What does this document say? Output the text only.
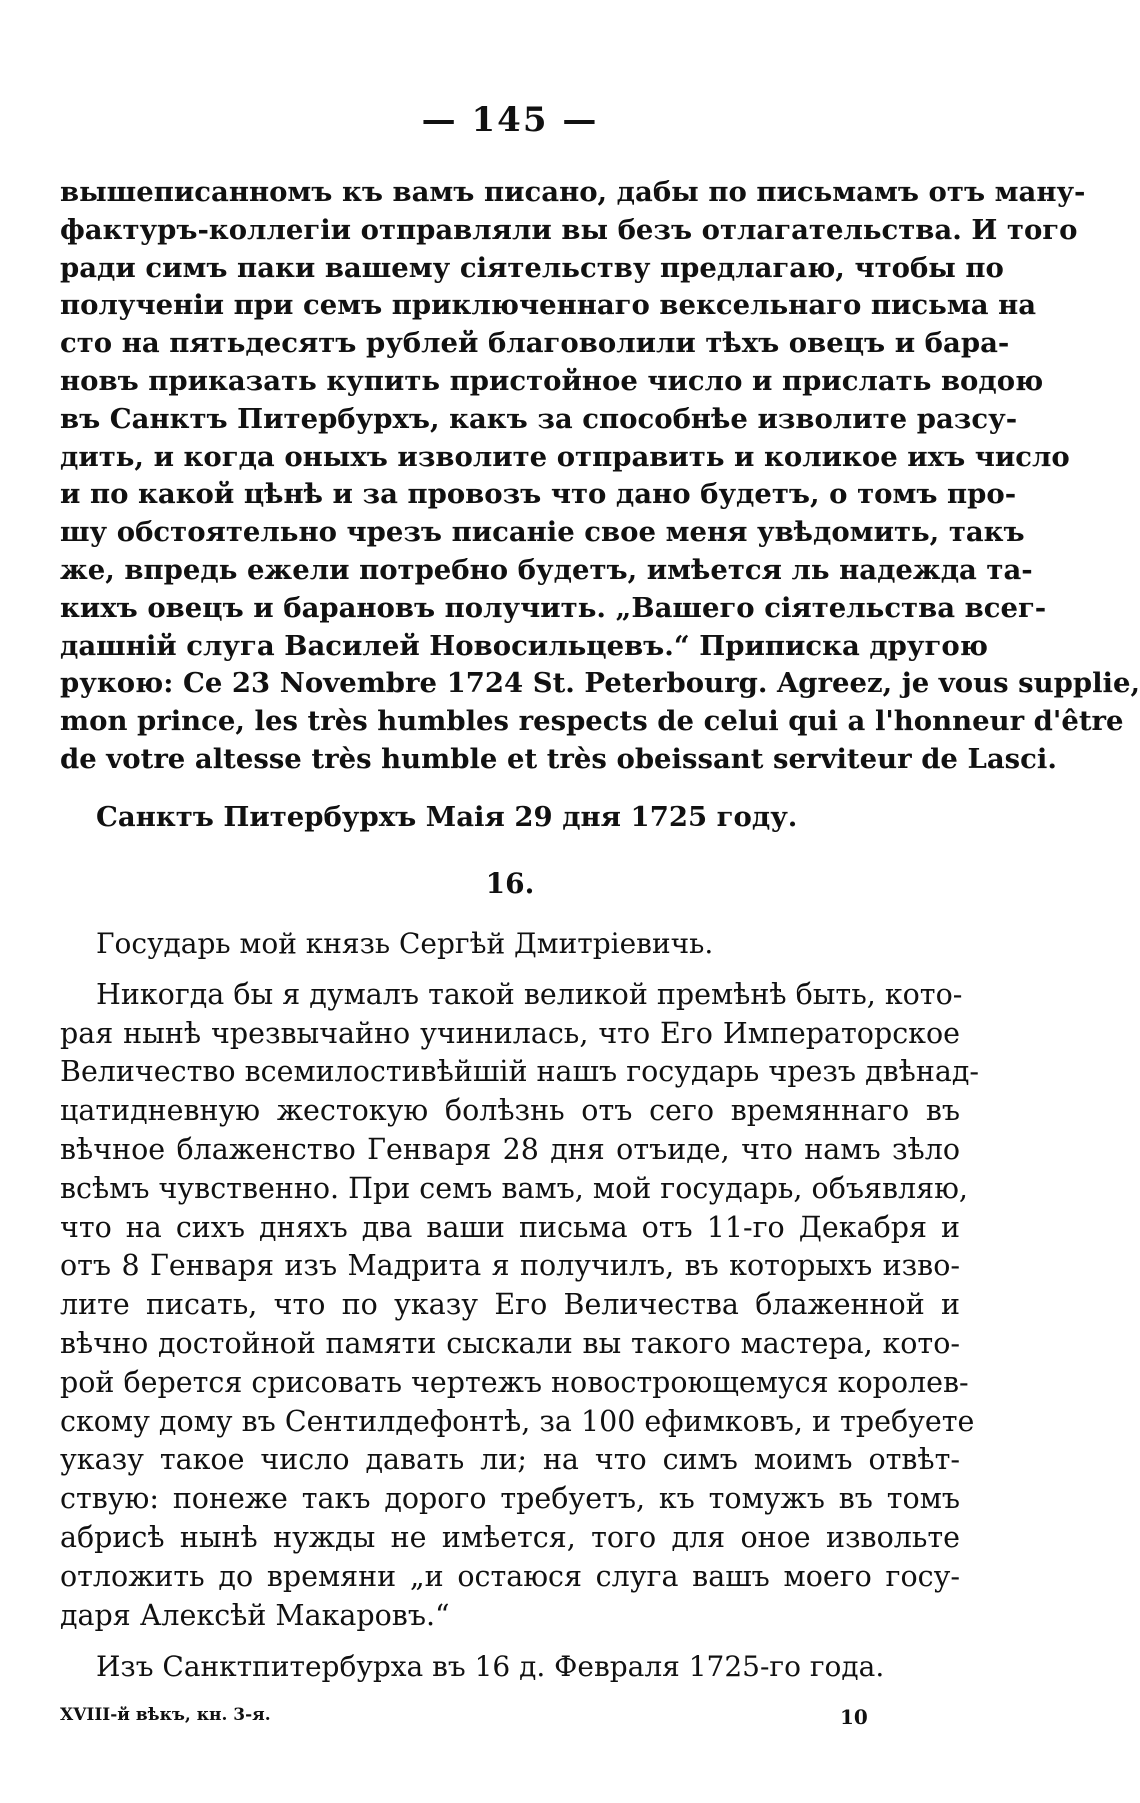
— 145 —
вышеписанномъ къ вамъ писано, дабы по письмамъ отъ ману-
фактуръ-коллегіи отправляли вы безъ отлагательства. И того
ради симъ паки вашему сіятельству предлагаю, чтобы по
полученіи при семъ приключеннаго вексельнаго письма на
сто на пятьдесятъ рублей благоволили тѣхъ овецъ и бара-
новъ приказать купить пристойное число и прислать водою
въ Санктъ Питербурхъ, какъ за способнѣе изволите разсу-
дить, и когда оныхъ изволите отправить и коликое ихъ число
и по какой цѣнѣ и за провозъ что дано будетъ, о томъ про-
шу обстоятельно чрезъ писаніе свое меня увѣдомить, такъ
же, впредь ежели потребно будетъ, имѣется ль надежда та-
кихъ овецъ и барановъ получить. „Вашего сіятельства всег-
дашній слуга Василей Новосильцевъ.“ Приписка другою
рукою: Ce 23 Novembre 1724 St. Peterbourg. Agreez, je vous supplie,
mon prince, les très humbles respects de celui qui a l'honneur d'être
de votre altesse très humble et très obeissant serviteur de Lasci.
Санктъ Питербурхъ Маія 29 дня 1725 году.
16.
Государь мой князь Сергѣй Дмитріевичь.
Никогда бы я думалъ такой великой премѣнѣ быть, кото-
рая нынѣ чрезвычайно учинилась, что Его Императорское
Величество всемилостивѣйшій нашъ государь чрезъ двѣнад-
цатидневную жестокую болѣзнь отъ сего времяннаго въ
вѣчное блаженство Генваря 28 дня отъиде, что намъ зѣло
всѣмъ чувственно. При семъ вамъ, мой государь, объявляю,
что на сихъ дняхъ два ваши письма отъ 11-го Декабря и
отъ 8 Генваря изъ Мадрита я получилъ, въ которыхъ изво-
лите писать, что по указу Его Величества блаженной и
вѣчно достойной памяти сыскали вы такого мастера, кото-
рой берется срисовать чертежъ новостроющемуся королев-
скому дому въ Сентилдефонтѣ, за 100 ефимковъ, и требуете
указу такое число давать ли; на что симъ моимъ отвѣт-
ствую: понеже такъ дорого требуетъ, къ томужъ въ томъ
абрисѣ нынѣ нужды не имѣется, того для оное извольте
отложить до времяни „и остаюся слуга вашъ моего госу-
даря Алексѣй Макаровъ.“
Изъ Санктпитербурха въ 16 д. Февраля 1725-го года.
XVIII-й вѣкъ, кн. 3-я.	10
